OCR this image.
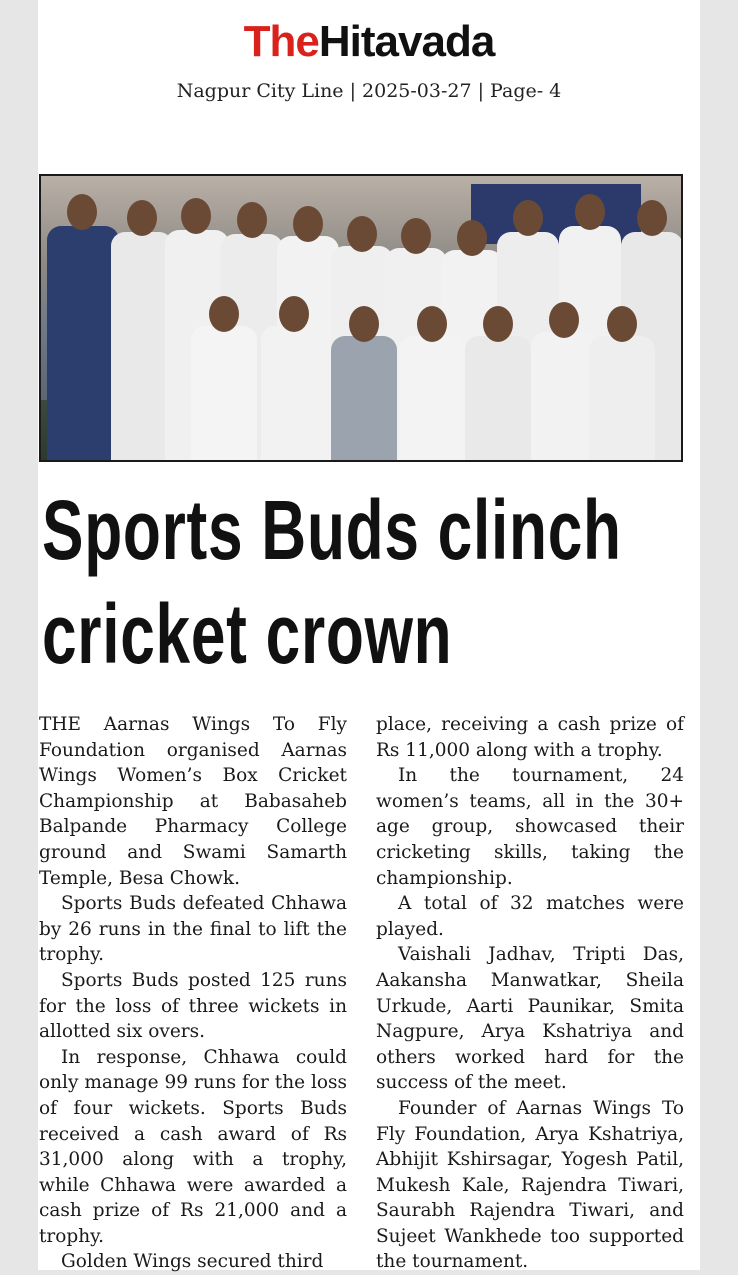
TheHitavada
Nagpur City Line | 2025-03-27 | Page- 4
Sports Buds clinch
cricket crown

THE Aarnas Wings To Fly Foundation organised Aarnas Wings Women’s Box Cricket Championship at Babasaheb Balpande Pharmacy College ground and Swami Samarth Temple, Besa Chowk.

Sports Buds defeated Chhawa by 26 runs in the final to lift the trophy.

Sports Buds posted 125 runs for the loss of three wickets in allotted six overs.

In response, Chhawa could only manage 99 runs for the loss of four wickets. Sports Buds received a cash award of Rs 31,000 along with a trophy, while Chhawa were awarded a cash prize of Rs 21,000 and a trophy.

Golden Wings secured third

place, receiving a cash prize of Rs 11,000 along with a trophy.

In the tournament, 24 women’s teams, all in the 30+ age group, showcased their cricketing skills, taking the championship.

A total of 32 matches were played.

Vaishali Jadhav, Tripti Das, Aakansha Manwatkar, Sheila Urkude, Aarti Paunikar, Smita Nagpure, Arya Kshatriya and others worked hard for the success of the meet.

Founder of Aarnas Wings To Fly Foundation, Arya Kshatriya, Abhijit Kshirsagar, Yogesh Patil, Mukesh Kale, Rajendra Tiwari, Saurabh Rajendra Tiwari, and Sujeet Wankhede too supported the tournament.
